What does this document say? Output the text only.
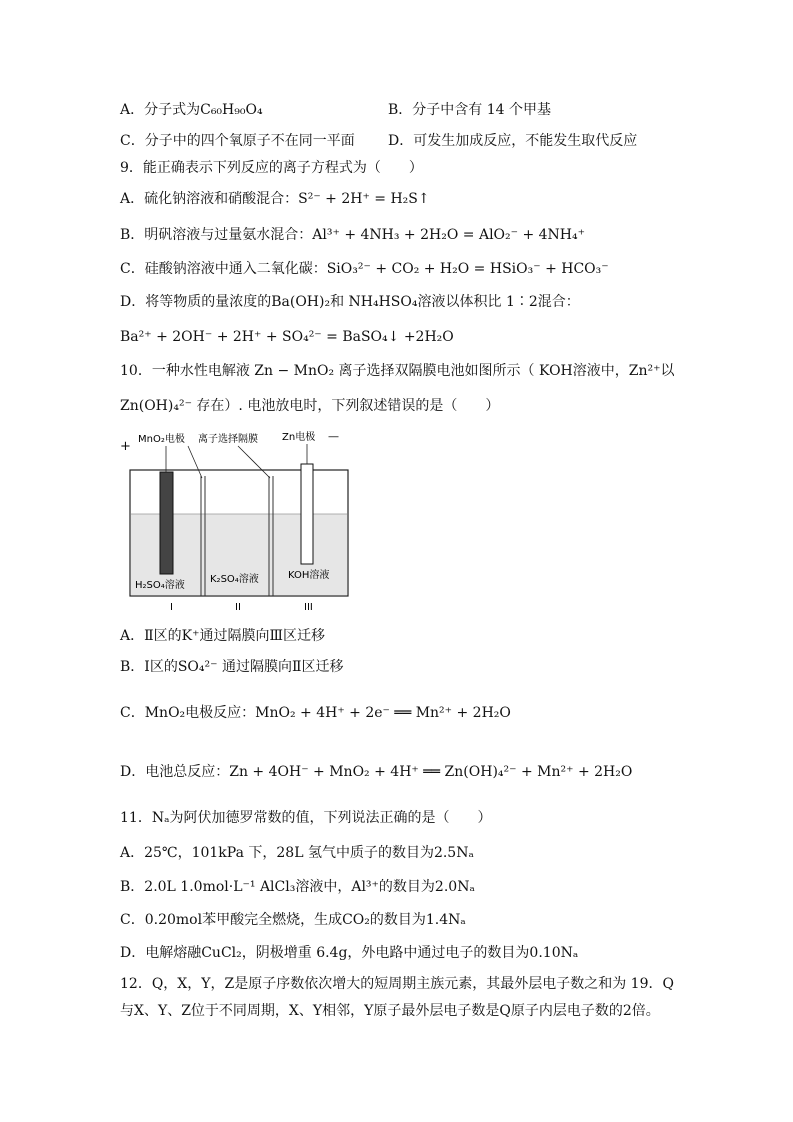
A．分子式为C₆₀H₉₀O₄	B．分子中含有 14 个甲基
C．分子中的四个氧原子不在同一平面 D．可发生加成反应，不能发生取代反应
9．能正确表示下列反应的离子方程式为（　　）
A．硫化钠溶液和硝酸混合：S²⁻ + 2H⁺ = H₂S↑
B．明矾溶液与过量氨水混合：Al³⁺ + 4NH₃ + 2H₂O = AlO₂⁻ + 4NH₄⁺
C．硅酸钠溶液中通入二氧化碳：SiO₃²⁻ + CO₂ + H₂O = HSiO₃⁻ + HCO₃⁻
D．将等物质的量浓度的Ba(OH)₂和 NH₄HSO₄溶液以体积比 1∶2混合：
Ba²⁺ + 2OH⁻ + 2H⁺ + SO₄²⁻ = BaSO₄↓ +2H₂O
10．一种水性电解液 Zn − MnO₂ 离子选择双隔膜电池如图所示（ KOH溶液中，Zn²⁺以
Zn(OH)₄²⁻ 存在）. 电池放电时，下列叙述错误的是（　　）
+ MnO₂电极 离子选择隔膜 Zn电极 —
H₂SO₄溶液
K₂SO₄溶液	KOH溶液
I	II	III
A．Ⅱ区的K⁺通过隔膜向Ⅲ区迁移
B．Ⅰ区的SO₄²⁻ 通过隔膜向Ⅱ区迁移
C．MnO₂电极反应：MnO₂ + 4H⁺ + 2e⁻ ══ Mn²⁺ + 2H₂O
D．电池总反应：Zn + 4OH⁻ + MnO₂ + 4H⁺ ══ Zn(OH)₄²⁻ + Mn²⁺ + 2H₂O
11．Nₐ为阿伏加德罗常数的值，下列说法正确的是（　　）
A．25℃，101kPa 下，28L 氢气中质子的数目为2.5Nₐ
B．2.0L 1.0mol·L⁻¹ AlCl₃溶液中，Al³⁺的数目为2.0Nₐ
C．0.20mol苯甲酸完全燃烧，生成CO₂的数目为1.4Nₐ
D．电解熔融CuCl₂，阴极增重 6.4g，外电路中通过电子的数目为0.10Nₐ
12．Q，X，Y，Z是原子序数依次增大的短周期主族元素，其最外层电子数之和为 19．Q
与X、Y、Z位于不同周期，X、Y相邻，Y原子最外层电子数是Q原子内层电子数的2倍。
